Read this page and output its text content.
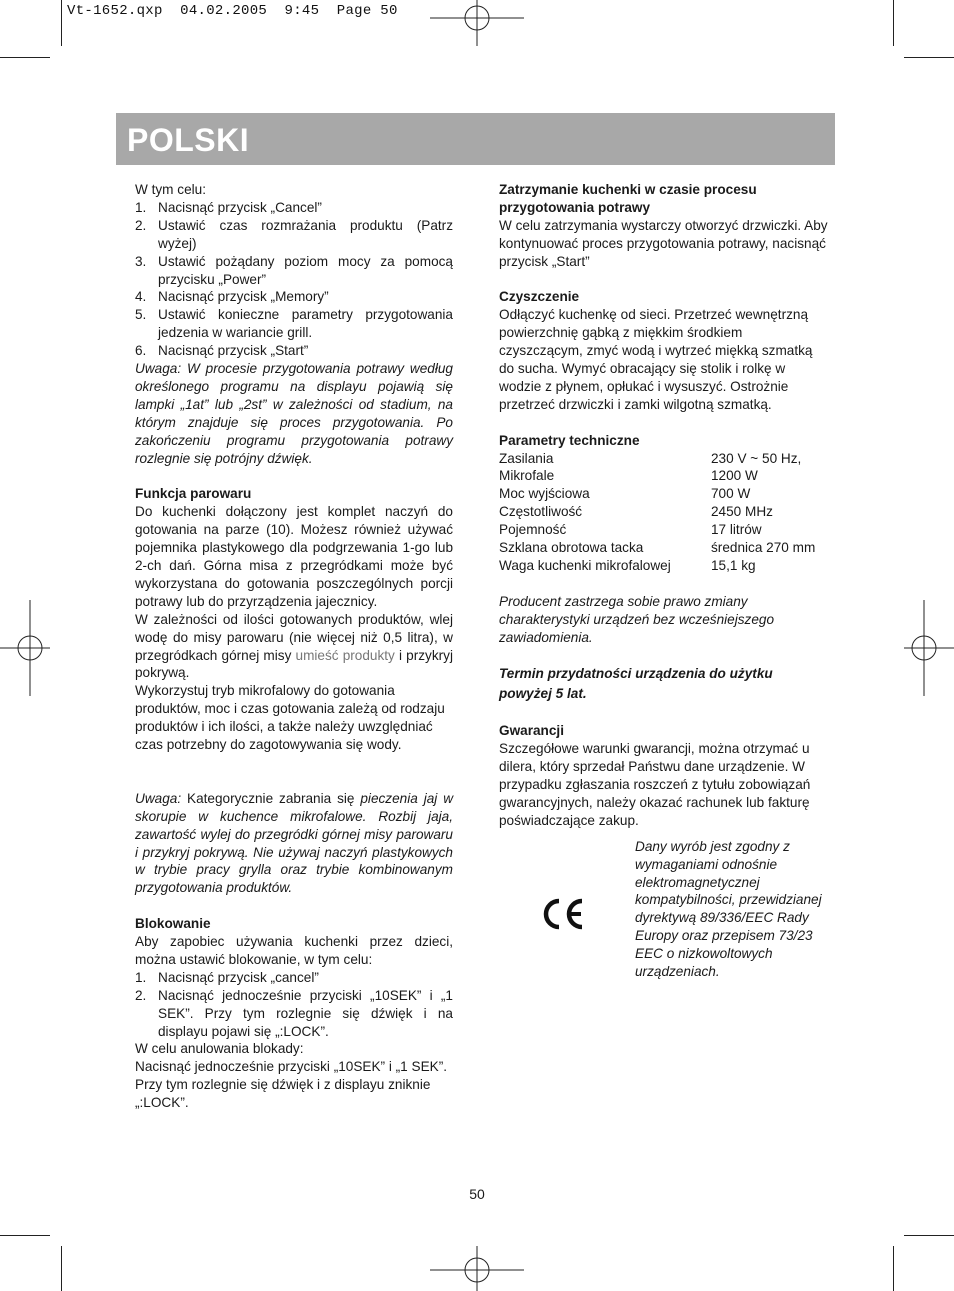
Vt-1652.qxp  04.02.2005  9:45  Page 50
POLSKI

W tym celu:

1. Nacisnąć przycisk „Cancel”
2. Ustawić czas rozmrażania produktu (Patrz wyżej)
3. Ustawić pożądany poziom mocy za pomocą przycisku „Power”
4. Nacisnąć przycisk „Memory”
5. Ustawić konieczne parametry przygotowania jedzenia w wariancie grill.
6. Nacisnąć przycisk „Start”

Uwaga: W procesie przygotowania potrawy według określonego programu na displayu pojawią się lampki „1at” lub „2st” w zależności od stadium, na którym znajduje się proces przygotowania. Po zakończeniu programu przygotowania potrawy rozlegnie się potrójny dźwięk.

Funkcja parowaru

Do kuchenki dołączony jest komplet naczyń do gotowania na parze (10). Możesz również używać pojemnika plastykowego dla podgrzewania 1-go lub 2-ch dań. Górna misa z przegródkami może być wykorzystana do gotowania poszczególnych porcji potrawy lub do przyrządzenia jajecznicy.

W zależności od ilości gotowanych produktów, wlej wodę do misy parowaru (nie więcej niż 0,5 litra), w przegródkach górnej misy umieść produkty i przykryj pokrywą.

Wykorzystuj tryb mikrofalowy do gotowania produktów, moc i czas gotowania zależą od rodzaju produktów i ich ilości, a także należy uwzględniać czas potrzebny do zagotowywania się wody.

Uwaga: Kategorycznie zabrania się pieczenia jaj w skorupie w kuchence mikrofalowe. Rozbij jaja, zawartość wylej do przegródki górnej misy parowaru i przykryj pokrywą. Nie używaj naczyń plastykowych w trybie pracy grylla oraz trybie kombinowanym przygotowania produktów.

Blokowanie

Aby zapobiec używania kuchenki przez dzieci, można ustawić blokowanie, w tym celu:

1. Nacisnąć przycisk „cancel”
2. Nacisnąć jednocześnie przyciski „10SEK” i „1 SEK”. Przy tym rozlegnie się dźwięk i na displayu pojawi się „:LOCK”.

W celu anulowania blokady:

Nacisnąć jednocześnie przyciski „10SEK” i „1 SEK”. Przy tym rozlegnie się dźwięk i z displayu zniknie „:LOCK”.

Zatrzymanie kuchenki w czasie procesu przygotowania potrawy

W celu zatrzymania wystarczy otworzyć drzwiczki. Aby kontynuować proces przygotowania potrawy, nacisnąć przycisk „Start”

Czyszczenie

Odłączyć kuchenkę od sieci. Przetrzeć wewnętrzną powierzchnię gąbką z miękkim środkiem czyszczącym, zmyć wodą i wytrzeć miękką szmatką do sucha. Wymyć obracający się stolik i rolkę w wodzie z płynem, opłukać i wysuszyć. Ostrożnie przetrzeć drzwiczki i zamki wilgotną szmatką.

Parametry techniczne

Zasilania	230 V ~ 50 Hz,
Mikrofale	1200 W
Moc wyjściowa	700 W
Częstotliwość	2450 MHz
Pojemność	17 litrów
Szklana obrotowa tacka	średnica 270 mm
Waga kuchenki mikrofalowej	15,1 kg

Producent zastrzega sobie prawo zmiany charakterystyki urządzeń bez wcześniejszego zawiadomienia.

Termin przydatności urządzenia do użytku powyżej 5 lat.

Gwarancji

Szczegółowe warunki gwarancji, można otrzymać u dilera, który sprzedał Państwu dane urządzenie. W przypadku zgłaszania roszczeń z tytułu zobowiązań gwarancyjnych, należy okazać rachunek lub fakturę poświadczające zakup.

Dany wyrób jest zgodny z wymaganiami odnośnie elektromagnetycznej kompatybilności, przewidzianej dyrektywą 89/336/EEC Rady Europy oraz przepisem 73/23 EEC o nizkowoltowych urządzeniach.

50
